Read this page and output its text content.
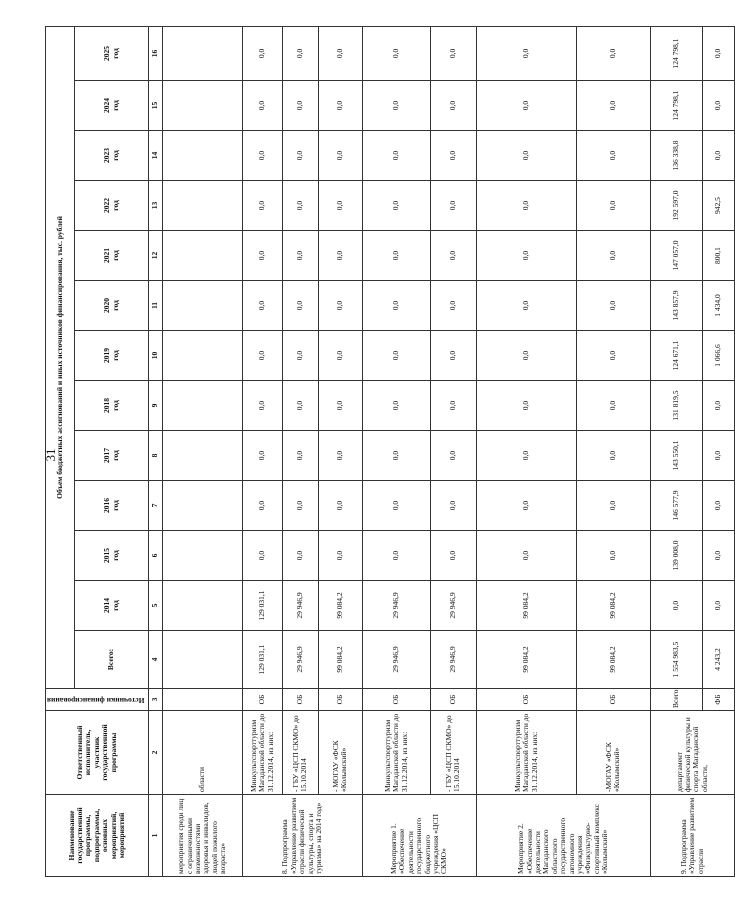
31
Наименование государственной программы, подпрограммы, основных мероприятий, мероприятий	Ответственный исполнитель, участник государственной программы	Источники финансирования	Объем бюджетных ассигнований и иных источников финансирования, тыс. рублей												
			Всего:	2014 год	2015 год	2016 год	2017 год	2018 год	2019 год	2020 год	2021 год	2022 год	2023 год	2024 год	2025 год
1	2	3	4	5	6	7	8	9	10	11	12	13	14	15	16
мероприятия среди лиц с ограниченными возможностями здоровья и инвалидов, людей пожилого возраста»	области														
8. Подпрограмма «Управление развитием отрасли физической культуры, спорта и туризма» на 2014 год»	Минкультспорттуризм Магаданской области до 31.12.2014, из них:	ОБ	129 031,1	129 031,1	0,0	0,0	0,0	0,0	0,0	0,0	0,0	0,0	0,0	0,0	0,0
	- ГБУ «ЦСП СКМО» до 15.10.2014	ОБ	29 946,9	29 946,9	0,0	0,0	0,0	0,0	0,0	0,0	0,0	0,0	0,0	0,0	0,0
	- МОГАУ «ФСК «Колымский»	ОБ	99 084,2	99 084,2	0,0	0,0	0,0	0,0	0,0	0,0	0,0	0,0	0,0	0,0	0,0
Мероприятие 1. «Обеспечение деятельности государственного бюджетного учреждения «ЦСП СКМО»	Минкультспорттуризм Магаданской области до 31.12.2014, из них:	ОБ	29 946,9	29 946,9	0,0	0,0	0,0	0,0	0,0	0,0	0,0	0,0	0,0	0,0	0,0
	- ГБУ «ЦСП СКМО» до 15.10.2014	ОБ	29 946,9	29 946,9	0,0	0,0	0,0	0,0	0,0	0,0	0,0	0,0	0,0	0,0	0,0
Мероприятие 2. «Обеспечение деятельности Магаданского областного государственного автономного учреждения «Физкультурно-спортивный комплекс «Колымский»	Минкультспорттуризм Магаданской области до 31.12.2014, из них:	ОБ	99 084,2	99 084,2	0,0	0,0	0,0	0,0	0,0	0,0	0,0	0,0	0,0	0,0	0,0
	-МОГАУ «ФСК «Колымский»	ОБ	99 084,2	99 084,2	0,0	0,0	0,0	0,0	0,0	0,0	0,0	0,0	0,0	0,0	0,0
9. Подпрограмма «Управление развитием отрасли	департамент физической культуры и спорта Магаданской области,	Всего:	1 554 983,5	0,0	139 008,0	146 577,9	143 550,1	131 819,5	124 671,1	143 857,9	147 057,0	192 597,0	136 338,8	124 798,1	124 798,1
		ФБ	4 243,2	0,0	0,0	0,0	0,0	0,0	1 066,6	1 434,0	800,1	942,5	0,0	0,0	0,0
